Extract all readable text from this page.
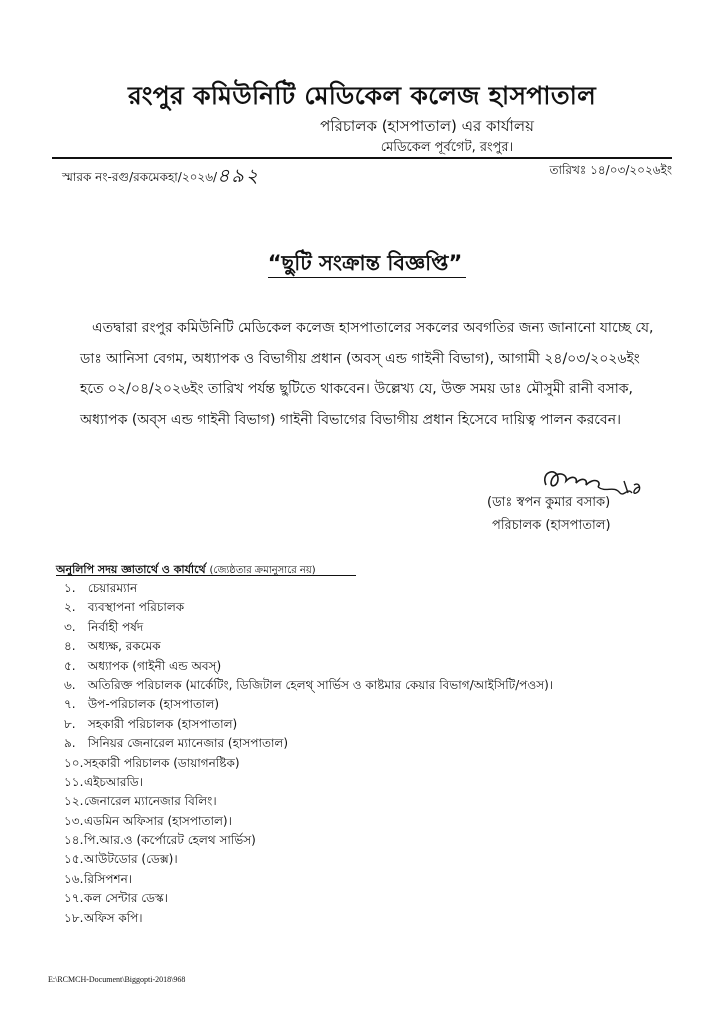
রংপুর কমিউনিটি মেডিকেল কলেজ হাসপাতাল
পরিচালক (হাসপাতাল) এর কার্যালয়
মেডিকেল পূর্বগেট, রংপুর।
স্মারক নং-রগু/রকমেকহা/২০২৬/৪৯২	তারিখঃ ১৪/০৩/২০২৬ইং
“ছুটি সংক্রান্ত বিজ্ঞপ্তি”
এতদ্বারা রংপুর কমিউনিটি মেডিকেল কলেজ হাসপাতালের সকলের অবগতির জন্য জানানো যাচ্ছে যে,
ডাঃ আনিসা বেগম, অধ্যাপক ও বিভাগীয় প্রধান (অবস্ এন্ড গাইনী বিভাগ), আগামী ২৪/০৩/২০২৬ইং
হতে ০২/০৪/২০২৬ইং তারিখ পর্যন্ত ছুটিতে থাকবেন। উল্লেখ্য যে, উক্ত সময় ডাঃ মৌসুমী রানী বসাক,
অধ্যাপক (অব্স এন্ড গাইনী বিভাগ) গাইনী বিভাগের বিভাগীয় প্রধান হিসেবে দায়িত্ব পালন করবেন।
(ডাঃ স্বপন কুমার বসাক)
পরিচালক (হাসপাতাল)
অনুলিপি সদয় জ্ঞাতার্থে ও কার্যার্থে (জ্যেষ্ঠতার ক্রমানুসারে নয়)
১. চেয়ারম্যান
২. ব্যবস্থাপনা পরিচালক
৩. নির্বাহী পর্ষদ
৪. অধ্যক্ষ, রকমেক
৫. অধ্যাপক (গাইনী এন্ড অবস্)
৬. অতিরিক্ত পরিচালক (মার্কেটিং, ডিজিটাল হেলথ্ সার্ভিস ও কাষ্টমার কেয়ার বিভাগ/আইসিটি/পওস)।
৭. উপ-পরিচালক (হাসপাতাল)
৮. সহকারী পরিচালক (হাসপাতাল)
৯. সিনিয়র জেনারেল ম্যানেজার (হাসপাতাল)
১০.সহকারী পরিচালক (ডায়াগনষ্টিক)
১১.এইচআরডি।
১২.জেনারেল ম্যানেজার বিলিং।
১৩.এডমিন অফিসার (হাসপাতাল)।
১৪.পি.আর.ও (কর্পোরেট হেলথ সার্ভিস)
১৫.আউটডোর (ডেক্স)।
১৬.রিসিপশন।
১৭.কল সেন্টার ডেস্ক।
১৮.অফিস কপি।
E:\RCMCH-Document\Biggopti-2018\968
